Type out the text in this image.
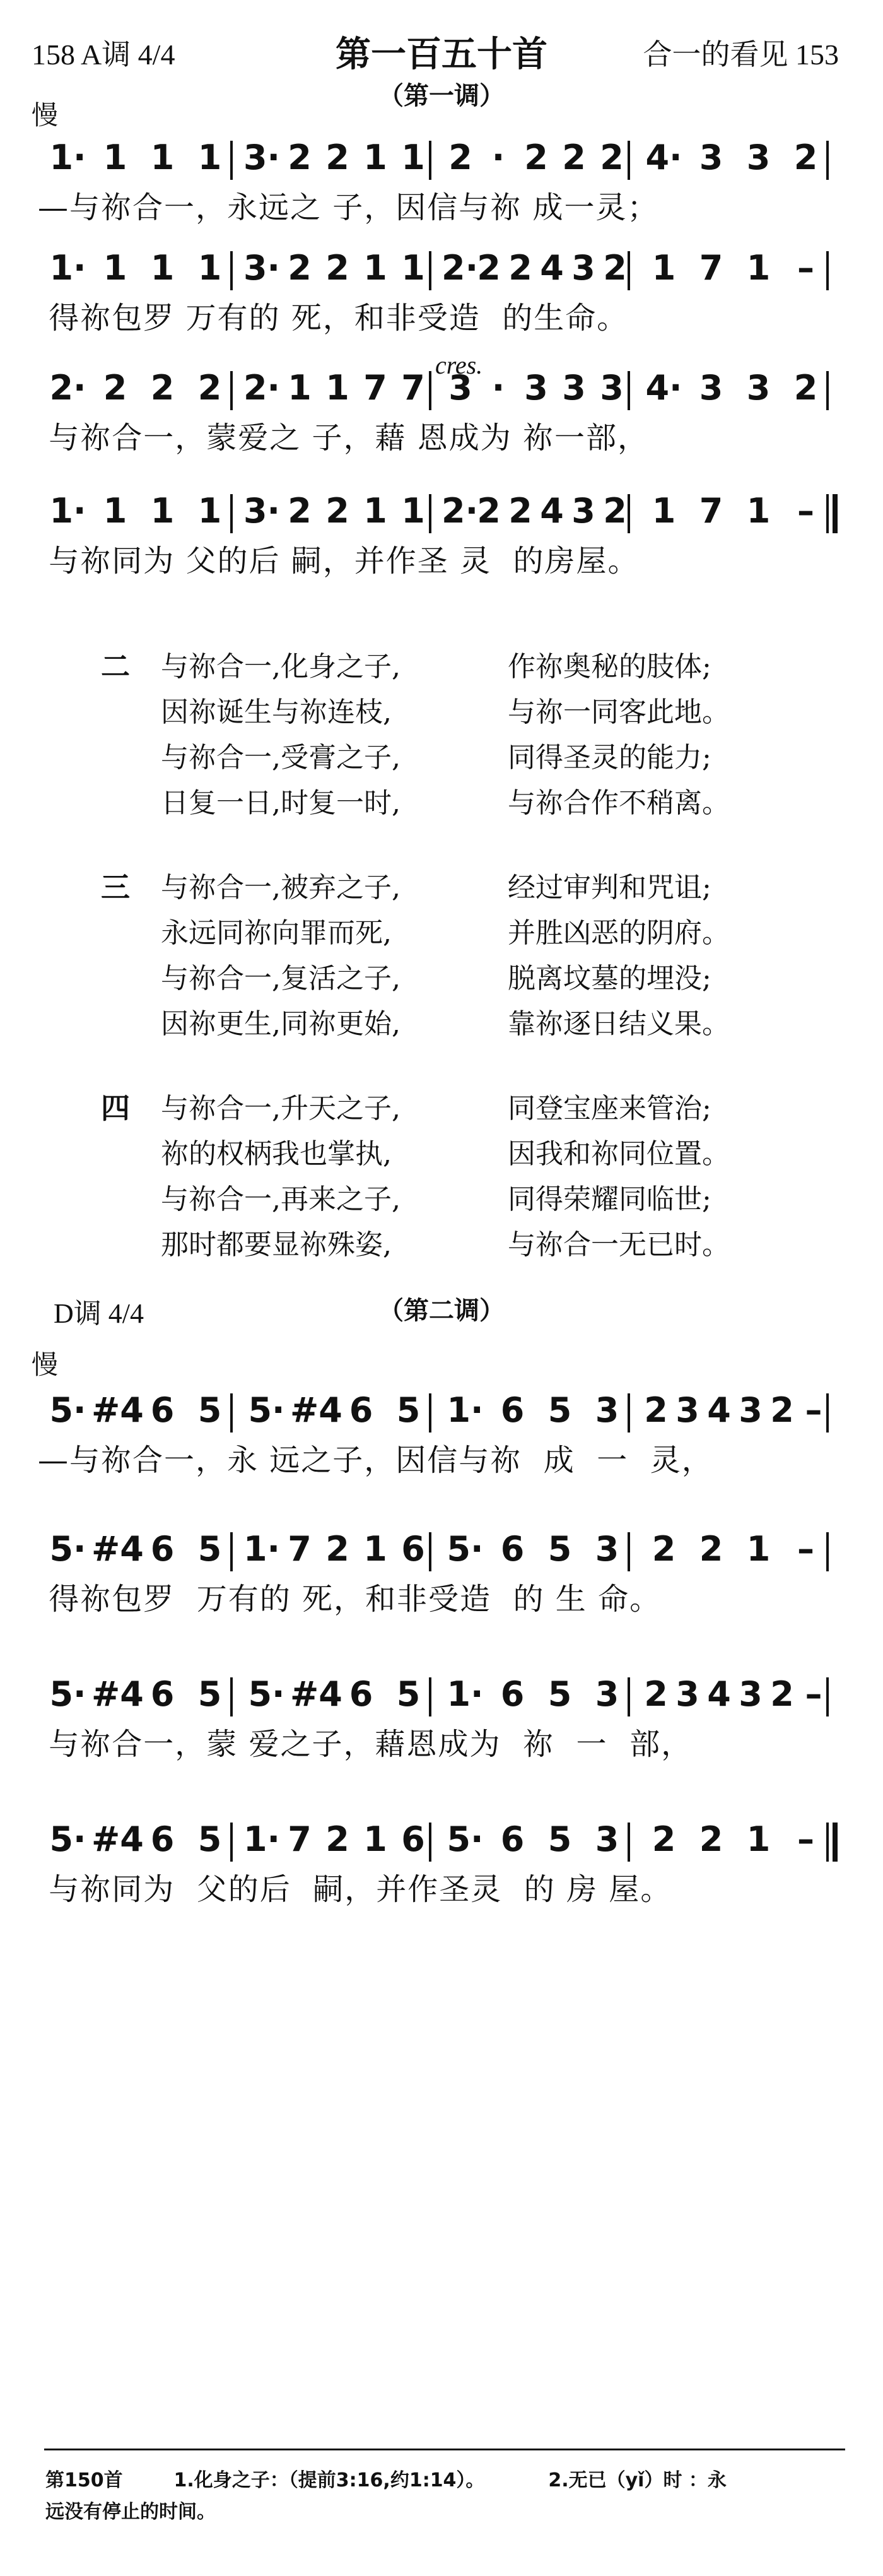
158 A调 4/4	第一百五十首	合一的看见 153
（第一调）
慢
cres.
1· 1 1 1 3· 2 2 1 1 2 · 2 2 2 4· 3 3 2
—与祢合一，永远之 子，因信与祢 成一灵；
1· 1 1 1 3· 2 2 1 1 2·
2 2 4 3 2 1 7 1 –
得祢包罗 万有的 死，和非受造  的生命。
2· 2 2 2 2· 1 1 7 7 3 · 3 3 3 4· 3 3 2
与祢合一，蒙爱之 子，藉 恩成为 祢一部，
1· 1 1 1 3· 2 2 1 1 2·
2 2 4 3 2 1 7 1 –
与祢同为 父的后 嗣，并作圣 灵  的房屋。
二 与祢合一,化身之子,	作祢奥秘的肢体;
因祢诞生与祢连枝,	与祢一同客此地。
与祢合一,受膏之子,	同得圣灵的能力;
日复一日,时复一时,	与祢合作不稍离。
三 与祢合一,被弃之子,	经过审判和咒诅;
永远同祢向罪而死,	并胜凶恶的阴府。
与祢合一,复活之子,	脱离坟墓的埋没;
因祢更生,同祢更始,	靠祢逐日结义果。
四 与祢合一,升天之子,	同登宝座来管治;
祢的权柄我也掌执,	因我和祢同位置。
与祢合一,再来之子,	同得荣耀同临世;
那时都要显祢殊姿,	与祢合一无已时。
D调 4/4	（第二调）
慢
5· #4 6 5 5· #4 6 5 1· 6 5 3 2 3 4 3 2 –
—与祢合一，永 远之子，因信与祢  成  一  灵，
5· #4 6 5 1· 7 2 1 6 5· 6 5 3 2 2 1 –
得祢包罗  万有的 死，和非受造  的 生 命。
5· #4 6 5 5· #4 6 5 1· 6 5 3 2 3 4 3 2 –
与祢合一，蒙 爱之子，藉恩成为  祢  一  部，
5· #4 6 5 1· 7 2 1 6 5· 6 5 3 2 2 1 –
与祢同为  父的后  嗣，并作圣灵  的 房 屋。
第150首	1.化身之子：（提前3:16,约1:14）。	2.无已（yǐ）时 ：永
远没有停止的时间。
